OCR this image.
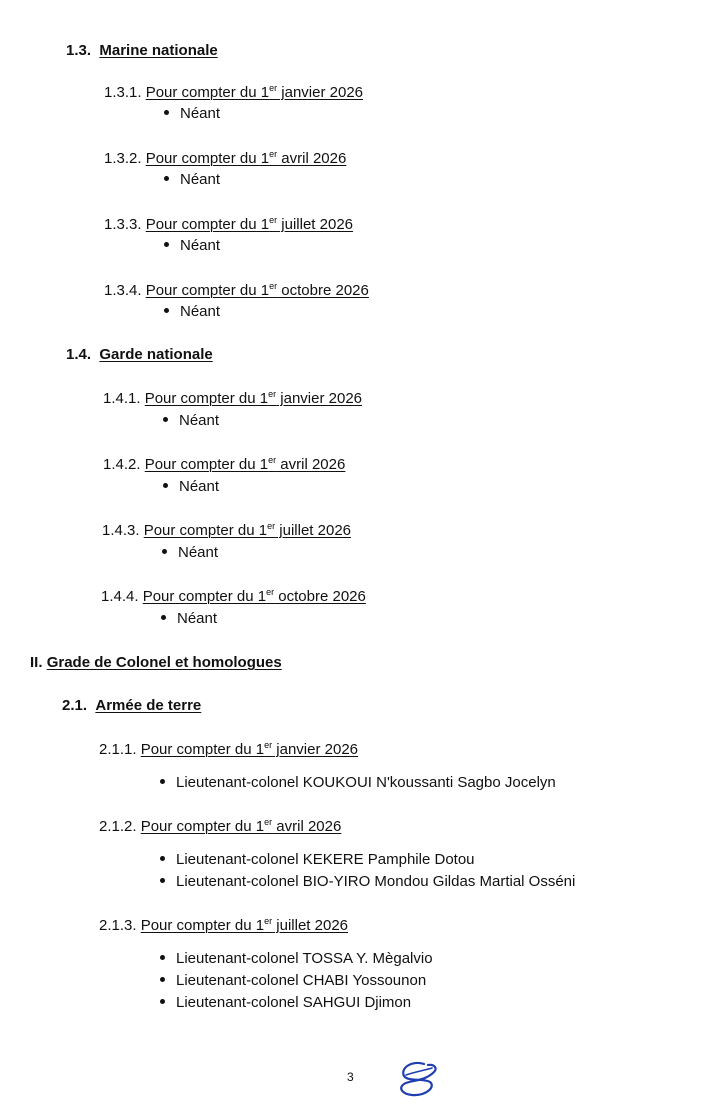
1.3. Marine nationale
1.3.1. Pour compter du 1er janvier 2026
Néant
1.3.2. Pour compter du 1er avril 2026
Néant
1.3.3. Pour compter du 1er juillet 2026
Néant
1.3.4. Pour compter du 1er octobre 2026
Néant
1.4. Garde nationale
1.4.1. Pour compter du 1er janvier 2026
Néant
1.4.2. Pour compter du 1er avril 2026
Néant
1.4.3. Pour compter du 1er juillet 2026
Néant
1.4.4. Pour compter du 1er octobre 2026
Néant
II. Grade de Colonel et homologues
2.1. Armée de terre
2.1.1. Pour compter du 1er janvier 2026
Lieutenant-colonel KOUKOUI N'koussanti Sagbo Jocelyn
2.1.2. Pour compter du 1er avril 2026
Lieutenant-colonel KEKERE Pamphile Dotou
Lieutenant-colonel BIO-YIRO Mondou Gildas Martial Osséni
2.1.3. Pour compter du 1er juillet 2026
Lieutenant-colonel TOSSA Y. Mègalvio
Lieutenant-colonel CHABI Yossounon
Lieutenant-colonel SAHGUI Djimon
3
